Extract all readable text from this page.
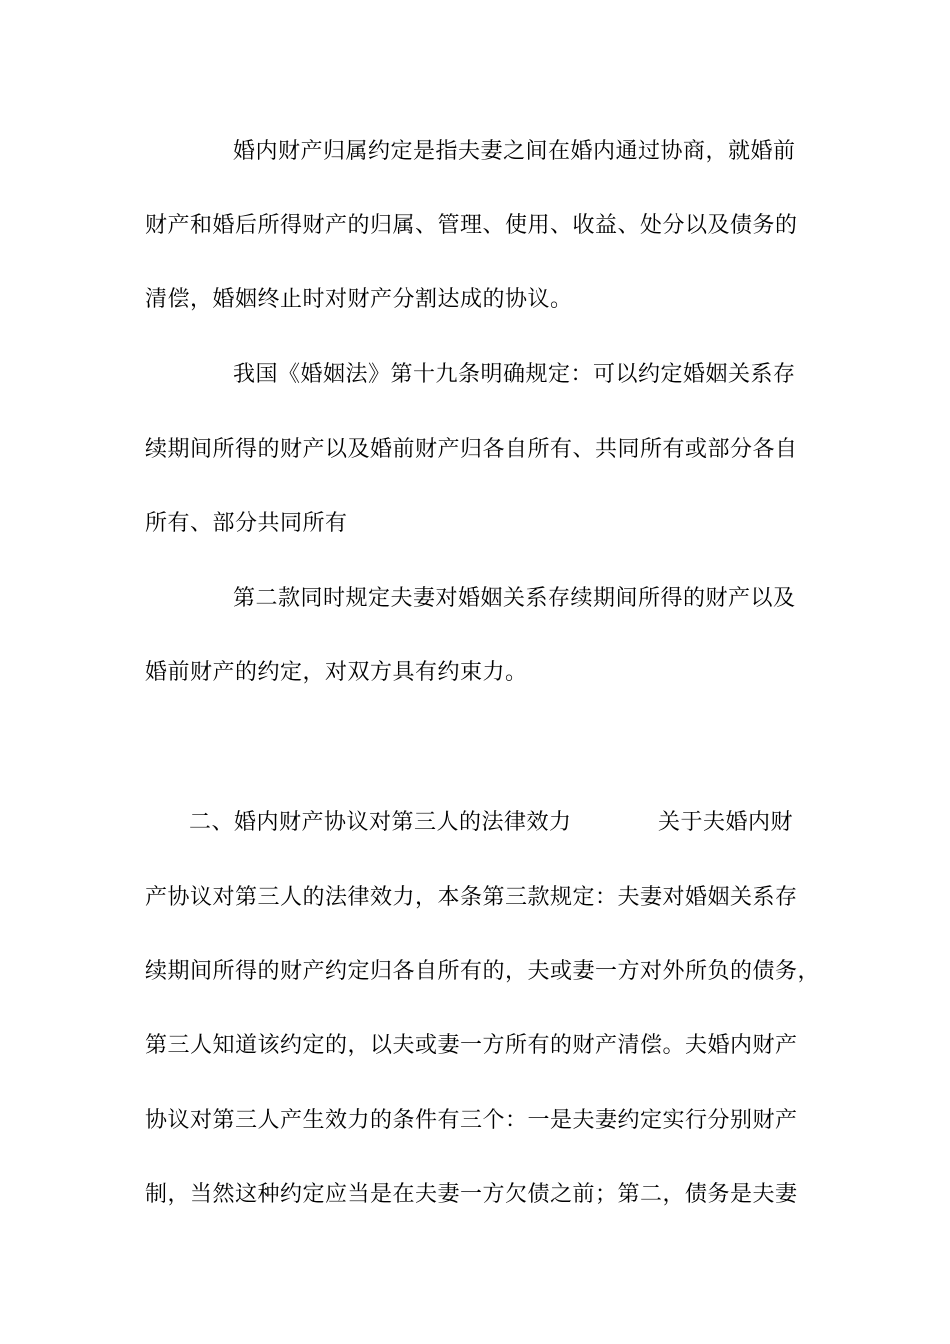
婚内财产归属约定是指夫妻之间在婚内通过协商，就婚前
财产和婚后所得财产的归属、管理、使用、收益、处分以及债务的
清偿，婚姻终止时对财产分割达成的协议。
我国《婚姻法》第十九条明确规定：可以约定婚姻关系存
续期间所得的财产以及婚前财产归各自所有、共同所有或部分各自
所有、部分共同所有
第二款同时规定夫妻对婚姻关系存续期间所得的财产以及
婚前财产的约定，对双方具有约束力。
二、婚内财产协议对第三人的法律效力	关于夫婚内财
产协议对第三人的法律效力，本条第三款规定：夫妻对婚姻关系存
续期间所得的财产约定归各自所有的，夫或妻一方对外所负的债务，
第三人知道该约定的，以夫或妻一方所有的财产清偿。夫婚内财产
协议对第三人产生效力的条件有三个：一是夫妻约定实行分别财产
制，当然这种约定应当是在夫妻一方欠债之前；第二，债务是夫妻
